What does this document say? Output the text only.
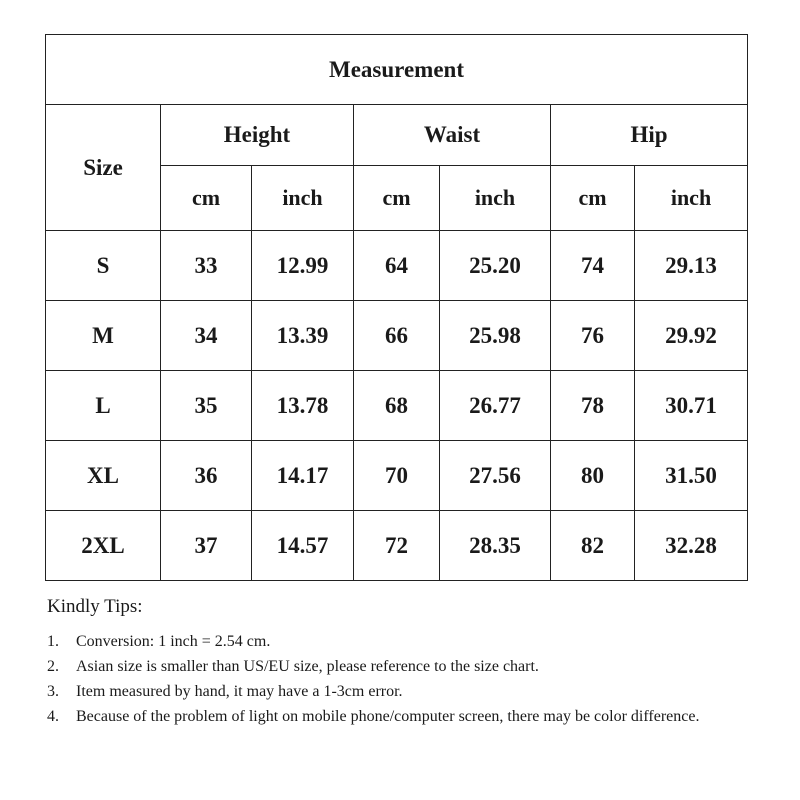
Measurement						
Size	Height		Waist		Hip	
	cm	inch	cm	inch	cm	inch
S	33	12.99	64	25.20	74	29.13
M	34	13.39	66	25.98	76	29.92
L	35	13.78	68	26.77	78	30.71
XL	36	14.17	70	27.56	80	31.50
2XL	37	14.57	72	28.35	82	32.28

Kindly Tips:

1.	Conversion: 1 inch = 2.54 cm.
2.	Asian size is smaller than US/EU size, please reference to the size chart.
3.	Item measured by hand, it may have a 1-3cm error.
4.	Because of the problem of light on mobile phone/computer screen, there may be color difference.
